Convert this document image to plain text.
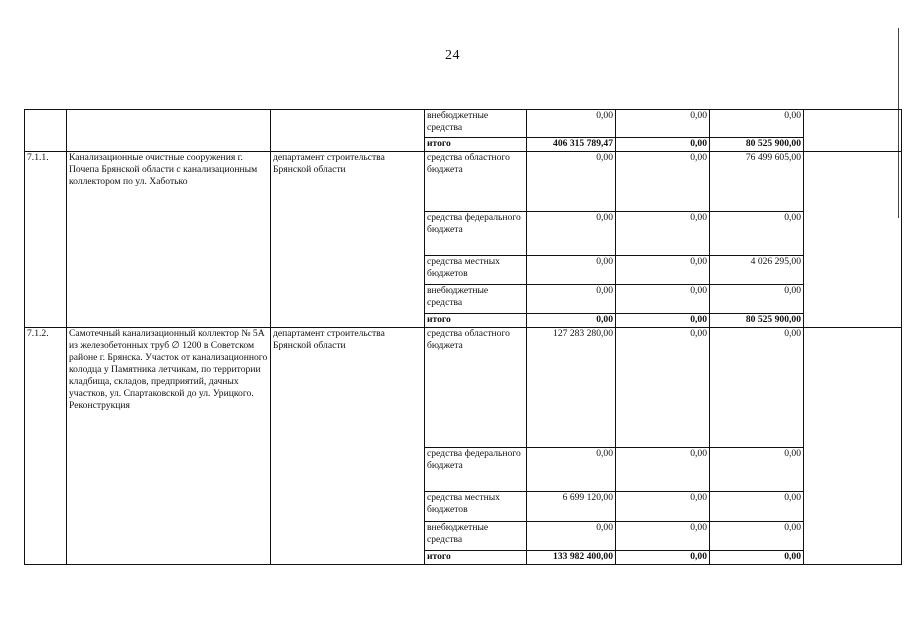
24
			внебюджетные средства	0,00	0,00	0,00	
			итого	406 315 789,47	0,00	80 525 900,00	
7.1.1.	Канализационные очистные сооружения г. Почепа Брянской области с канализационным коллектором по ул. Хаботько	департамент строительства Брянской области	средства областного бюджета	0,00	0,00	76 499 605,00	
			средства федерального бюджета	0,00	0,00	0,00	
			средства местных бюджетов	0,00	0,00	4 026 295,00	
			внебюджетные средства	0,00	0,00	0,00	
			итого	0,00	0,00	80 525 900,00	
7.1.2.	Самотечный канализационный коллектор № 5А из железобетонных труб ∅ 1200 в Советском районе г. Брянска. Участок от канализационного колодца у Памятника летчикам, по территории кладбища, складов, предприятий, дачных участков, ул. Спартаковской до ул. Урицкого. Реконструкция	департамент строительства Брянской области	средства областного бюджета	127 283 280,00	0,00	0,00	
			средства федерального бюджета	0,00	0,00	0,00	
			средства местных бюджетов	6 699 120,00	0,00	0,00	
			внебюджетные средства	0,00	0,00	0,00	
			итого	133 982 400,00	0,00	0,00	
